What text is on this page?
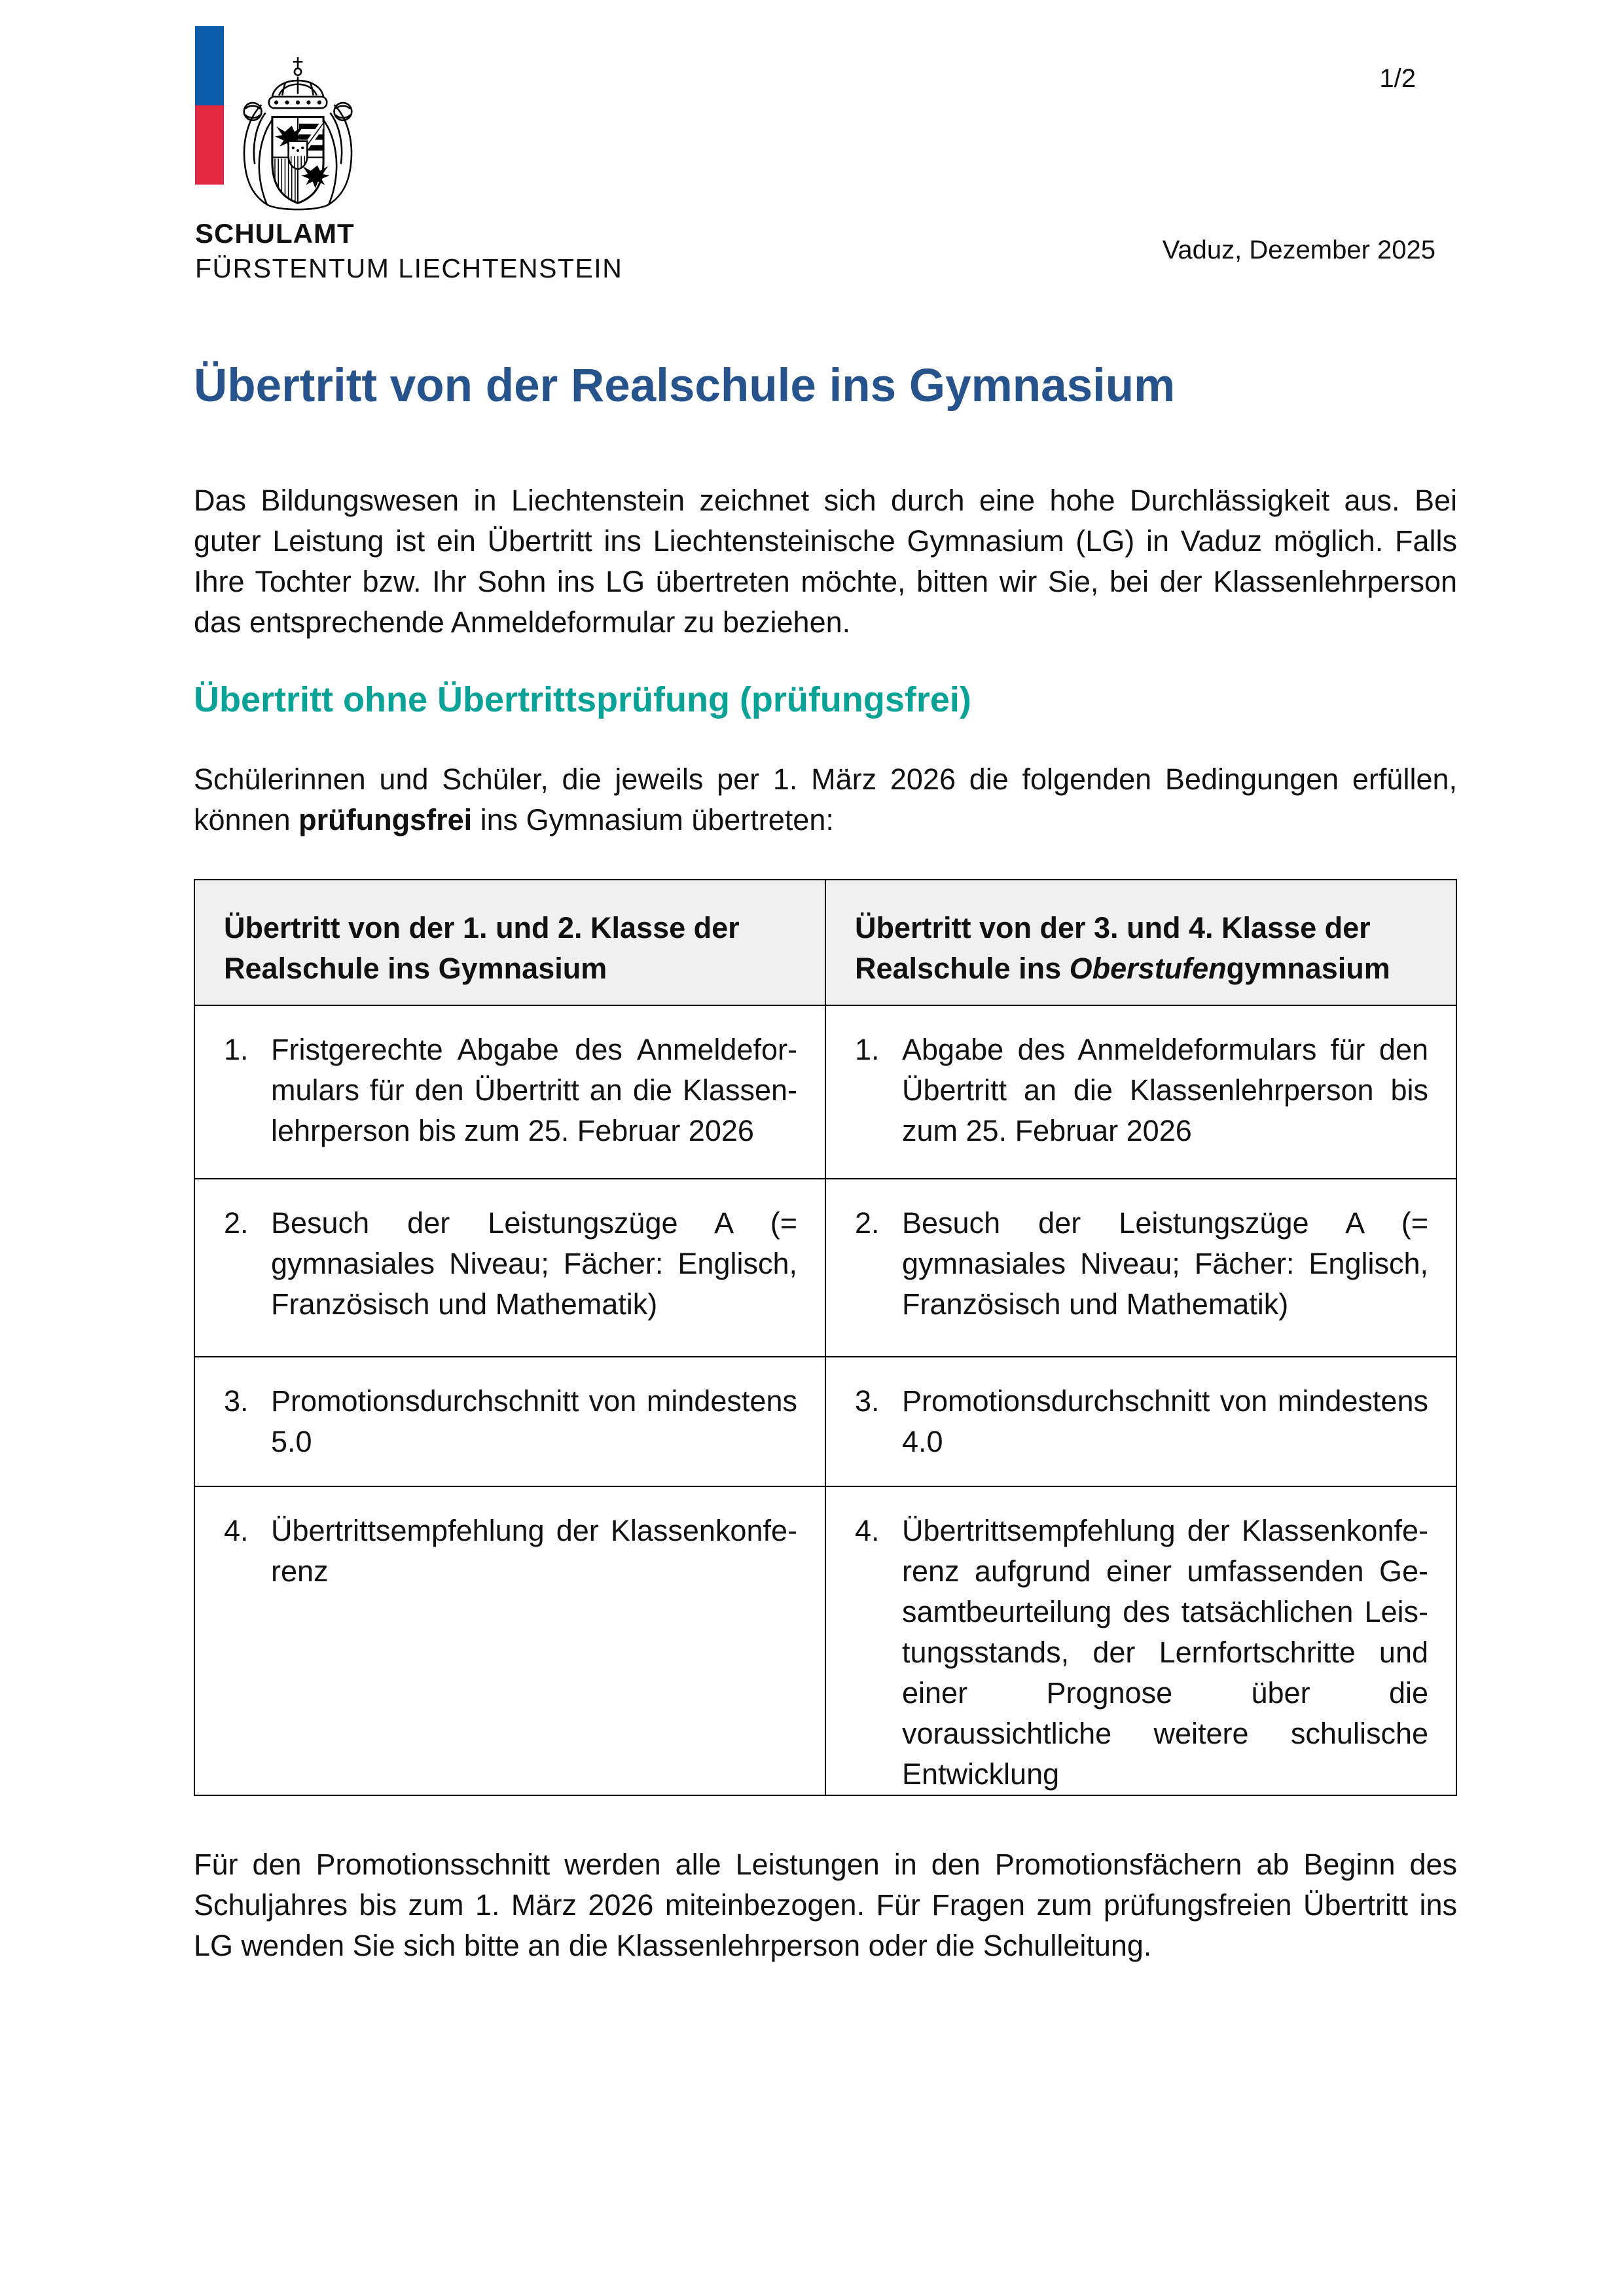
SCHULAMT
FÜRSTENTUM LIECHTENSTEIN
1/2
Vaduz, Dezember 2025
Übertritt von der Realschule ins Gymnasium

Das Bildungswesen in Liechtenstein zeichnet sich durch eine hohe Durchlässigkeit aus. Bei guter Leistung ist ein Übertritt ins Liechtensteinische Gymnasium (LG) in Vaduz möglich. Falls Ihre Tochter bzw. Ihr Sohn ins LG übertreten möchte, bitten wir Sie, bei der Klassenlehrperson das entsprechende Anmeldeformular zu beziehen.

Übertritt ohne Übertrittsprüfung (prüfungsfrei)

Schülerinnen und Schüler, die jeweils per 1. März 2026 die folgenden Bedingungen erfüllen, können prüfungsfrei ins Gymnasium übertreten:

Übertritt von der 1. und 2. Klasse der Realschule ins Gymnasium	Übertritt von der 3. und 4. Klasse der Realschule ins Oberstufengymnasium

1. Fristgerechte Abgabe des Anmeldeformulars für den Übertritt an die Klassenlehrperson bis zum 25. Februar 2026	1. Abgabe des Anmeldeformulars für den Übertritt an die Klassenlehrperson bis zum 25. Februar 2026

2. Besuch der Leistungszüge A (= gymnasiales Niveau; Fächer: Englisch, Französisch und Mathematik)	2. Besuch der Leistungszüge A (= gymnasiales Niveau; Fächer: Englisch, Französisch und Mathematik)

3. Promotionsdurchschnitt von mindestens 5.0	3. Promotionsdurchschnitt von mindestens 4.0

4. Übertrittsempfehlung der Klassenkonferenz	4. Übertrittsempfehlung der Klassenkonferenz aufgrund einer umfassenden Gesamtbeurteilung des tatsächlichen Leistungsstands, der Lernfortschritte und einer Prognose über die voraussichtliche weitere schulische Entwicklung

Für den Promotionsschnitt werden alle Leistungen in den Promotionsfächern ab Beginn des Schuljahres bis zum 1. März 2026 miteinbezogen. Für Fragen zum prüfungsfreien Übertritt ins LG wenden Sie sich bitte an die Klassenlehrperson oder die Schulleitung.
